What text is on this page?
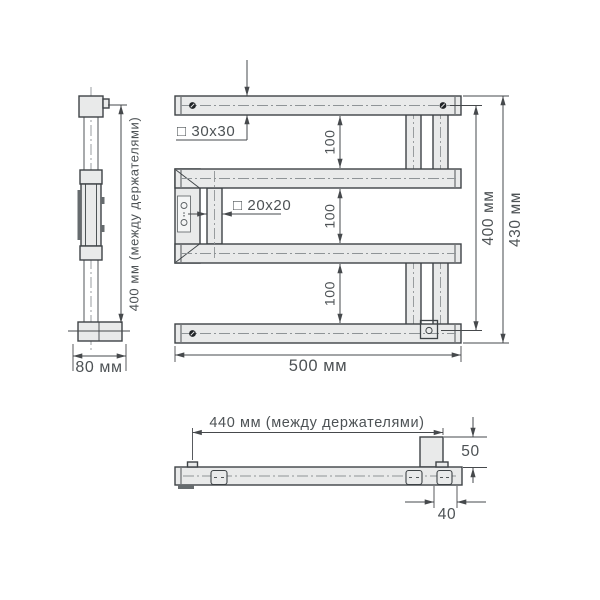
400 мм (между держателями)
80 мм
□ 30x30
□ 20x20
100
100
100
400 мм 430 мм
500 мм
440 мм (между держателями)
50
40
